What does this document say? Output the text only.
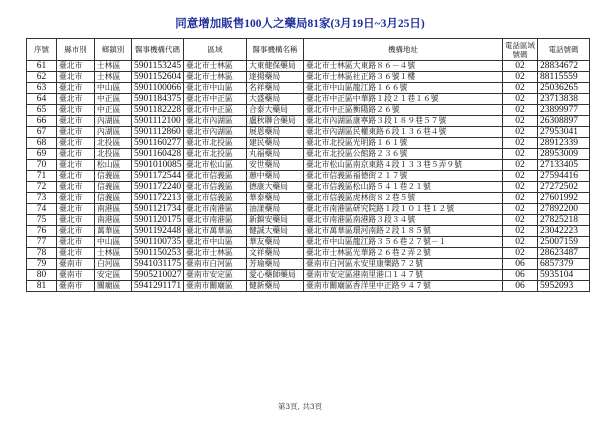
同意增加販售100人之藥局81家(3月19日~3月25日)
序號	縣市別	鄉鎮別	醫事機構代碼	區域	醫事機構名稱	機構地址	電話區域號碼	電話號碼
61	臺北市	士林區	5901153245	臺北市士林區	大東健保藥局	臺北市士林區大東路８６－４號	02	28834672
62	臺北市	士林區	5901152604	臺北市士林區	達揚藥局	臺北市士林區社正路３６號１樓	02	88115559
63	臺北市	中山區	5901100066	臺北市中山區	名祥藥局	臺北市中山區龍江路１６６號	02	25036265
64	臺北市	中正區	5901184375	臺北市中正區	大盛藥局	臺北市中正區中華路１段２１巷１６號	02	23713838
65	臺北市	中正區	5901182228	臺北市中正區	合泰大藥局	臺北市中正區衡陽路２６號	02	23899977
66	臺北市	內湖區	5901112100	臺北市內湖區	盧秋聯合藥局	臺北市內湖區康寧路３段１８９巷５７號	02	26308897
67	臺北市	內湖區	5901112860	臺北市內湖區	展恩藥局	臺北市內湖區民權東路６段１３６巷４號	02	27953041
68	臺北市	北投區	5901160277	臺北市北投區	建民藥局	臺北市北投區光明路１６１號	02	28912339
69	臺北市	北投區	5901160428	臺北市北投區	丸福藥局	臺北市北投區公館路２３６號	02	28953009
70	臺北市	松山區	5901010085	臺北市松山區	安世藥局	臺北市松山區南京東路４段１３３巷５弄９號	02	27133405
71	臺北市	信義區	5901172544	臺北市信義區	蕙中藥局	臺北市信義區福德街２１７號	02	27594416
72	臺北市	信義區	5901172240	臺北市信義區	德康大藥局	臺北市信義區松山路５４１巷２１號	02	27272502
73	臺北市	信義區	5901172213	臺北市信義區	華泰藥局	臺北市信義區虎林街８２巷５號	02	27601992
74	臺北市	南港區	5901121734	臺北市南港區	油漾藥局	臺北市南港區研究院路１段１０１巷１２號	02	27892200
75	臺北市	南港區	5901120175	臺北市南港區	新鎮安藥局	臺北市南港區南港路３段３４號	02	27825218
76	臺北市	萬華區	5901192448	臺北市萬華區	健誠大藥局	臺北市萬華區環河南路２段１８５號	02	23042223
77	臺北市	中山區	5901100735	臺北市中山區	華友藥局	臺北市中山區龍江路３５６巷２７號－１	02	25007159
78	臺北市	士林區	5901150253	臺北市士林區	文祥藥局	臺北市士林區光華路２６巷２弄２號	02	28623487
79	臺南市	白河區	5941031175	臺南市白河區	芳瑜藥局	臺南市白河區永安里康樂路７２號	06	6857379
80	臺南市	安定區	5905210027	臺南市安定區	愛心藥師藥局	臺南市安定區港南里港口１４７號	06	5935104
81	臺南市	關廟區	5941291171	臺南市關廟區	健新藥局	臺南市關廟區香洋里中正路９４７號	06	5952093
第3頁, 共3頁
